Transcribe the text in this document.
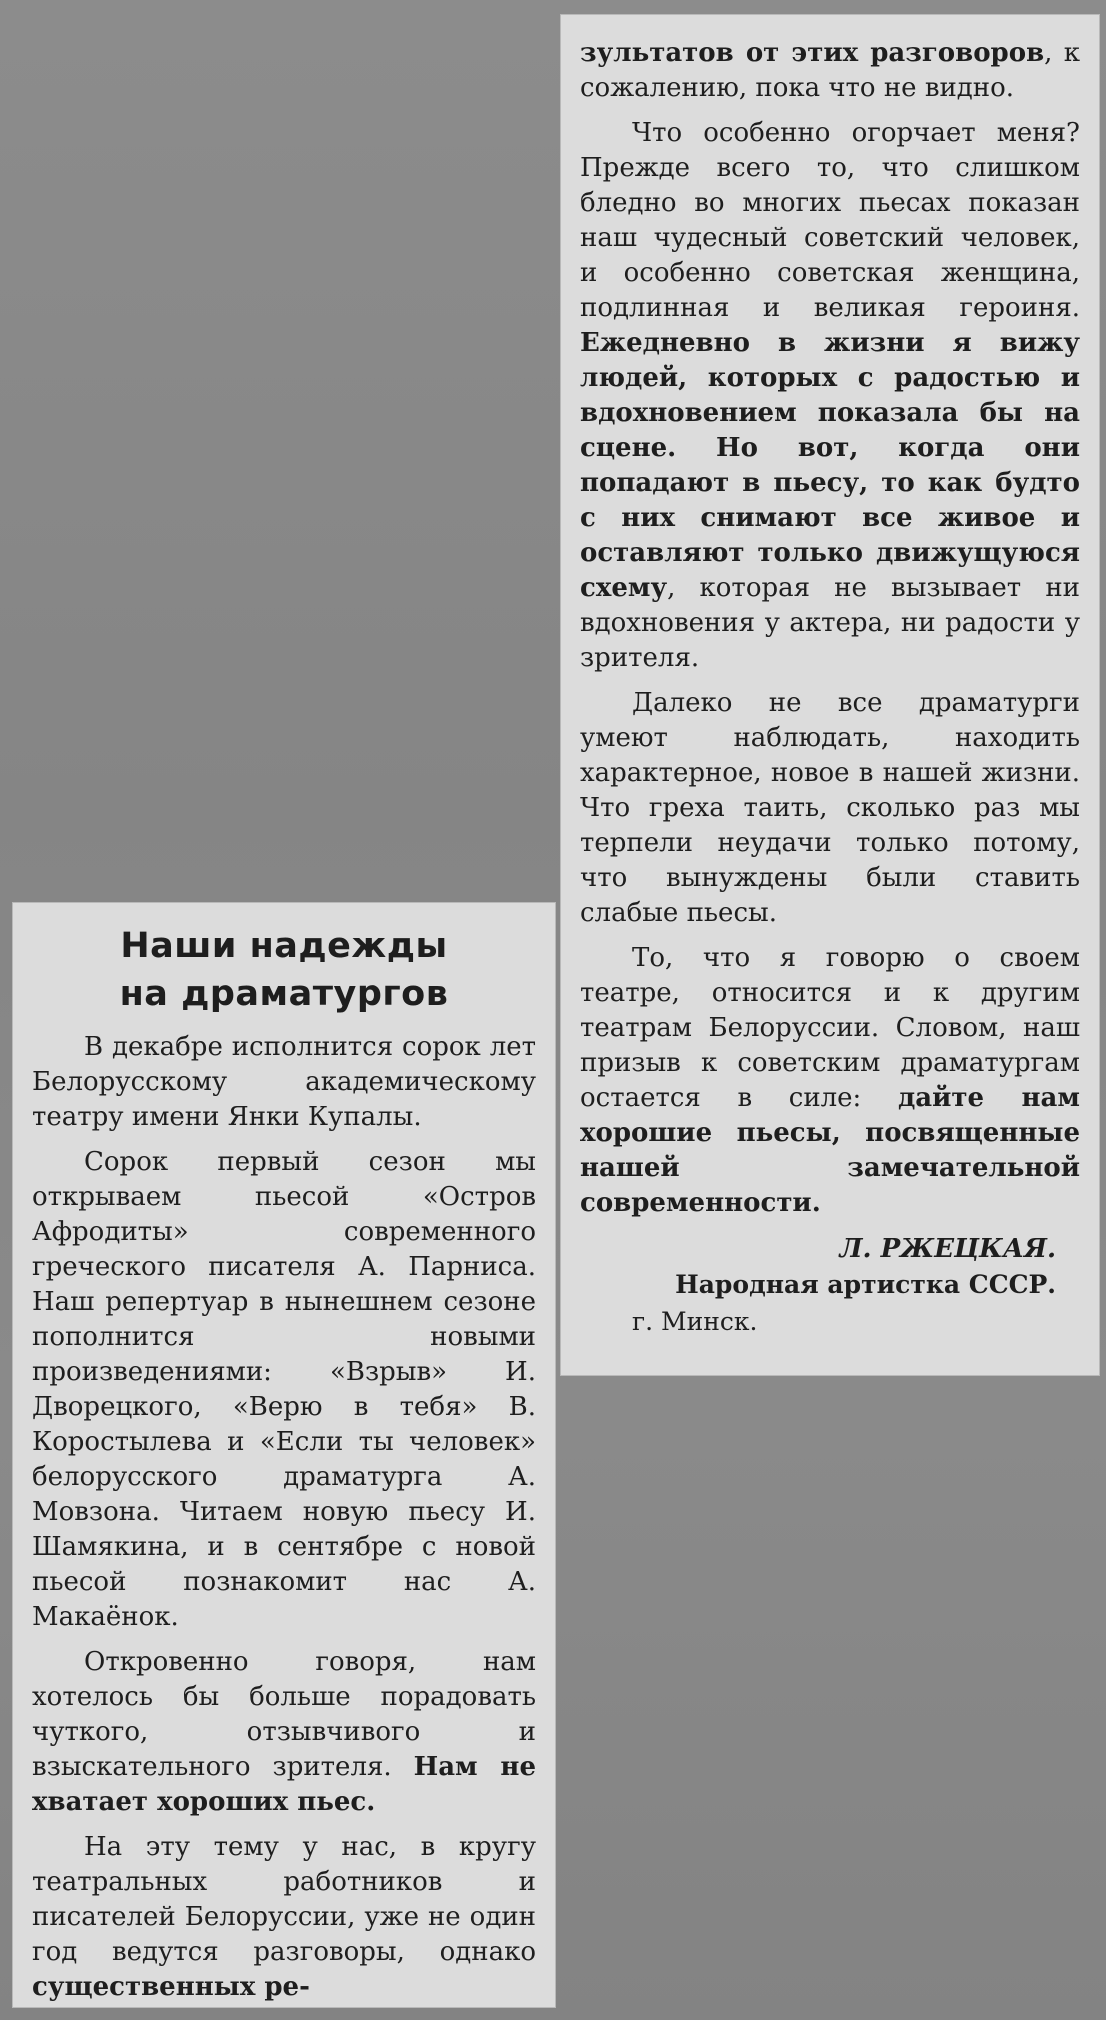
Наши надежды
на драматургов

В декабре исполнится сорок лет Белорусскому академическому театру имени Янки Купалы.

Сорок первый сезон мы открываем пьесой «Остров Афродиты» современного греческого писателя А. Парниса. Наш репертуар в нынешнем сезоне пополнится новыми произведениями: «Взрыв» И. Дворецкого, «Верю в тебя» В. Коростылева и «Если ты человек» белорусского драматурга А. Мовзона. Читаем новую пьесу И. Шамякина, и в сентябре с новой пьесой познакомит нас А. Макаёнок.

Откровенно говоря, нам хотелось бы больше порадовать чуткого, отзывчивого и взыскательного зрителя. Нам не хватает хороших пьес.

На эту тему у нас, в кругу театральных работников и писателей Белоруссии, уже не один год ведутся разговоры, однако существенных ре-

зультатов от этих разговоров, к сожалению, пока что не видно.

Что особенно огорчает меня? Прежде всего то, что слишком бледно во многих пьесах показан наш чудесный советский человек, и особенно советская женщина, подлинная и великая героиня. Ежедневно в жизни я вижу людей, которых с радостью и вдохновением показала бы на сцене. Но вот, когда они попадают в пьесу, то как будто с них снимают все живое и оставляют только движущуюся схему, которая не вызывает ни вдохновения у актера, ни радости у зрителя.

Далеко не все драматурги умеют наблюдать, находить характерное, новое в нашей жизни. Что греха таить, сколько раз мы терпели неудачи только потому, что вынуждены были ставить слабые пьесы.

То, что я говорю о своем театре, относится и к другим театрам Белоруссии. Словом, наш призыв к советским драматургам остается в силе: дайте нам хорошие пьесы, посвященные нашей замечательной современности.

Л. РЖЕЦКАЯ.
Народная артистка СССР.
г. Минск.
